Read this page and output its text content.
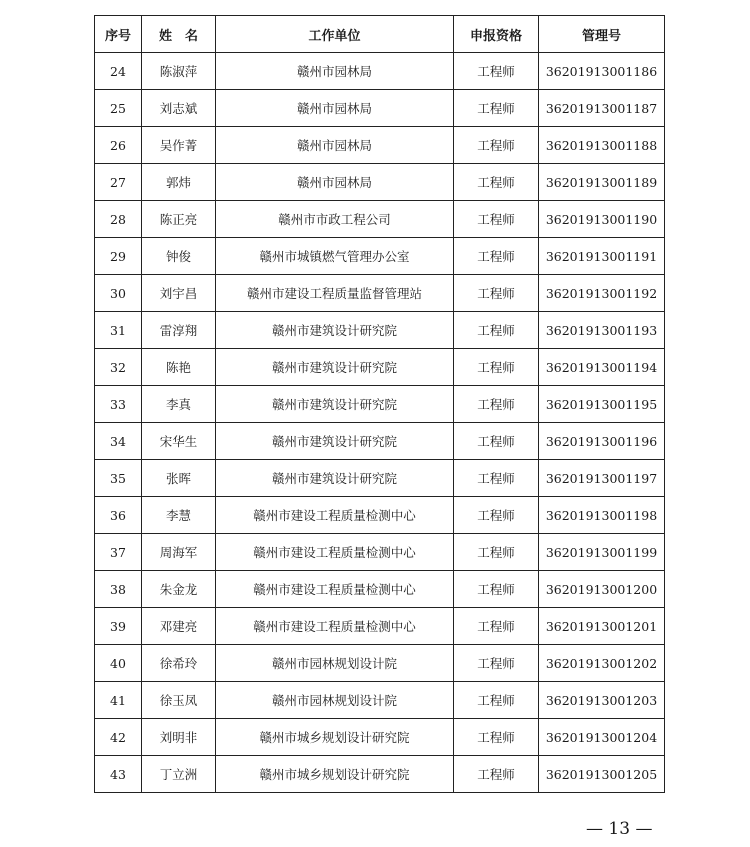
序号	姓　名	工作单位	申报资格	管理号
24	陈淑萍	赣州市园林局	工程师	36201913001186
25	刘志斌	赣州市园林局	工程师	36201913001187
26	吴作菁	赣州市园林局	工程师	36201913001188
27	郭炜	赣州市园林局	工程师	36201913001189
28	陈正亮	赣州市市政工程公司	工程师	36201913001190
29	钟俊	赣州市城镇燃气管理办公室	工程师	36201913001191
30	刘宇昌	赣州市建设工程质量监督管理站	工程师	36201913001192
31	雷淳翔	赣州市建筑设计研究院	工程师	36201913001193
32	陈艳	赣州市建筑设计研究院	工程师	36201913001194
33	李真	赣州市建筑设计研究院	工程师	36201913001195
34	宋华生	赣州市建筑设计研究院	工程师	36201913001196
35	张晖	赣州市建筑设计研究院	工程师	36201913001197
36	李慧	赣州市建设工程质量检测中心	工程师	36201913001198
37	周海军	赣州市建设工程质量检测中心	工程师	36201913001199
38	朱金龙	赣州市建设工程质量检测中心	工程师	36201913001200
39	邓建亮	赣州市建设工程质量检测中心	工程师	36201913001201
40	徐希玲	赣州市园林规划设计院	工程师	36201913001202
41	徐玉凤	赣州市园林规划设计院	工程师	36201913001203
42	刘明非	赣州市城乡规划设计研究院	工程师	36201913001204
43	丁立洲	赣州市城乡规划设计研究院	工程师	36201913001205
— 13 —
